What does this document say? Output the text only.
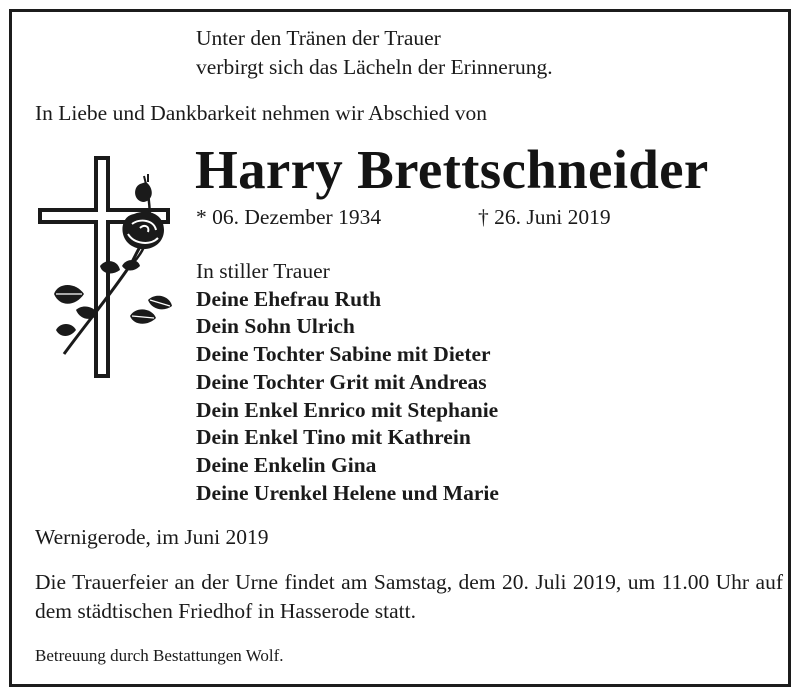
Unter den Tränen der Trauer
verbirgt sich das Lächeln der Erinnerung.
In Liebe und Dankbarkeit nehmen wir Abschied von
Harry Brettschneider
* 06. Dezember 1934	† 26. Juni 2019
In stiller Trauer
Deine Ehefrau Ruth
Dein Sohn Ulrich
Deine Tochter Sabine mit Dieter
Deine Tochter Grit mit Andreas
Dein Enkel Enrico mit Stephanie
Dein Enkel Tino mit Kathrein
Deine Enkelin Gina
Deine Urenkel Helene und Marie
Wernigerode, im Juni 2019
Die Trauerfeier an der Urne findet am Samstag, dem 20. Juli 2019, um 11.00 Uhr auf dem städtischen Friedhof in Hasserode statt.
Betreuung durch Bestattungen Wolf.
